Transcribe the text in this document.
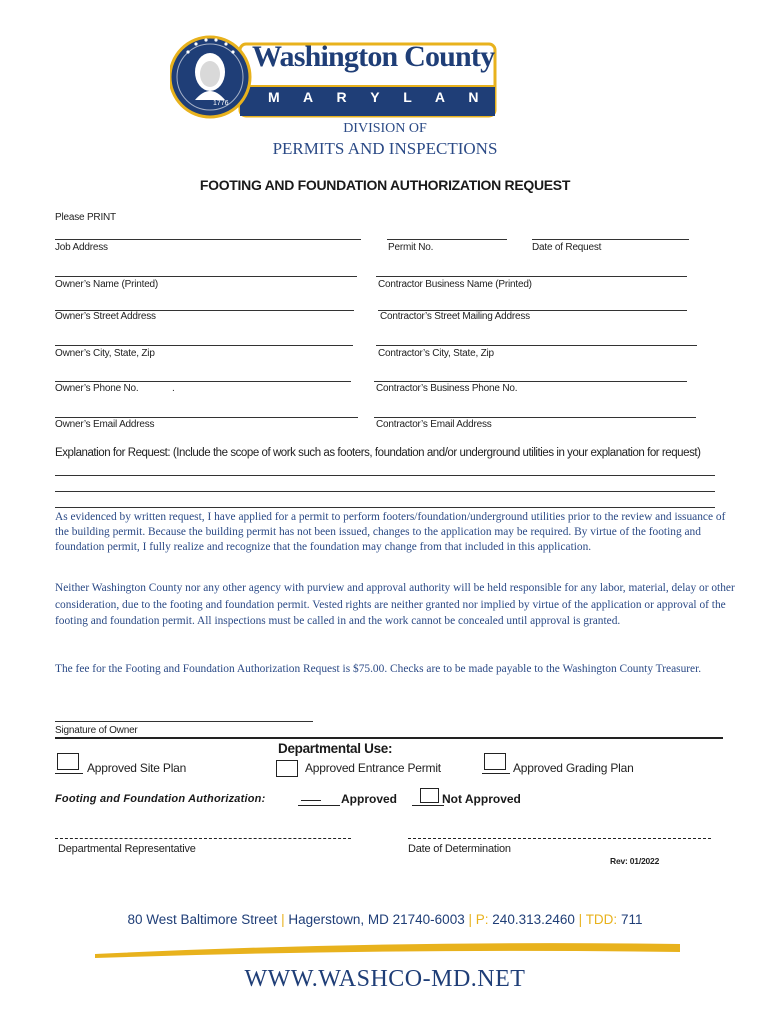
Washington County
M A R Y L A N D
1776
DIVISION OF
PERMITS AND INSPECTIONS
FOOTING AND FOUNDATION AUTHORIZATION REQUEST
Please PRINT
Job Address	Permit No.	Date of Request
Owner’s Name (Printed)	Contractor Business Name (Printed)
Owner’s Street Address	Contractor’s Street Mailing Address
Owner’s City, State, Zip	Contractor’s City, State, Zip
Owner’s Phone No.	.	Contractor’s Business Phone No.
Owner’s Email Address	Contractor’s Email Address
Explanation for Request: (Include the scope of work such as footers, foundation and/or underground utilities in your explanation for request)
As evidenced by written request, I have applied for a permit to perform footers/foundation/underground utilities prior to the review and issuance of the building permit. Because the building permit has not been issued, changes to the application may be required. By virtue of the footing and foundation permit, I fully realize and recognize that the foundation may change from that included in this application.
Neither Washington County nor any other agency with purview and approval authority will be held responsible for any labor, material, delay or other consideration, due to the footing and foundation permit. Vested rights are neither granted nor implied by virtue of the application or approval of the footing and foundation permit. All inspections must be called in and the work cannot be concealed until approval is granted.
The fee for the Footing and Foundation Authorization Request is $75.00. Checks are to be made payable to the Washington County Treasurer.
Signature of Owner
Departmental Use:
Approved Site Plan	Approved Entrance Permit	Approved Grading Plan
Footing and Foundation Authorization:	Approved	Not Approved
Departmental Representative	Date of Determination
Rev: 01/2022
80 West Baltimore Street | Hagerstown, MD 21740-6003 | P: 240.313.2460 | TDD: 711
WWW.WASHCO-MD.NET
